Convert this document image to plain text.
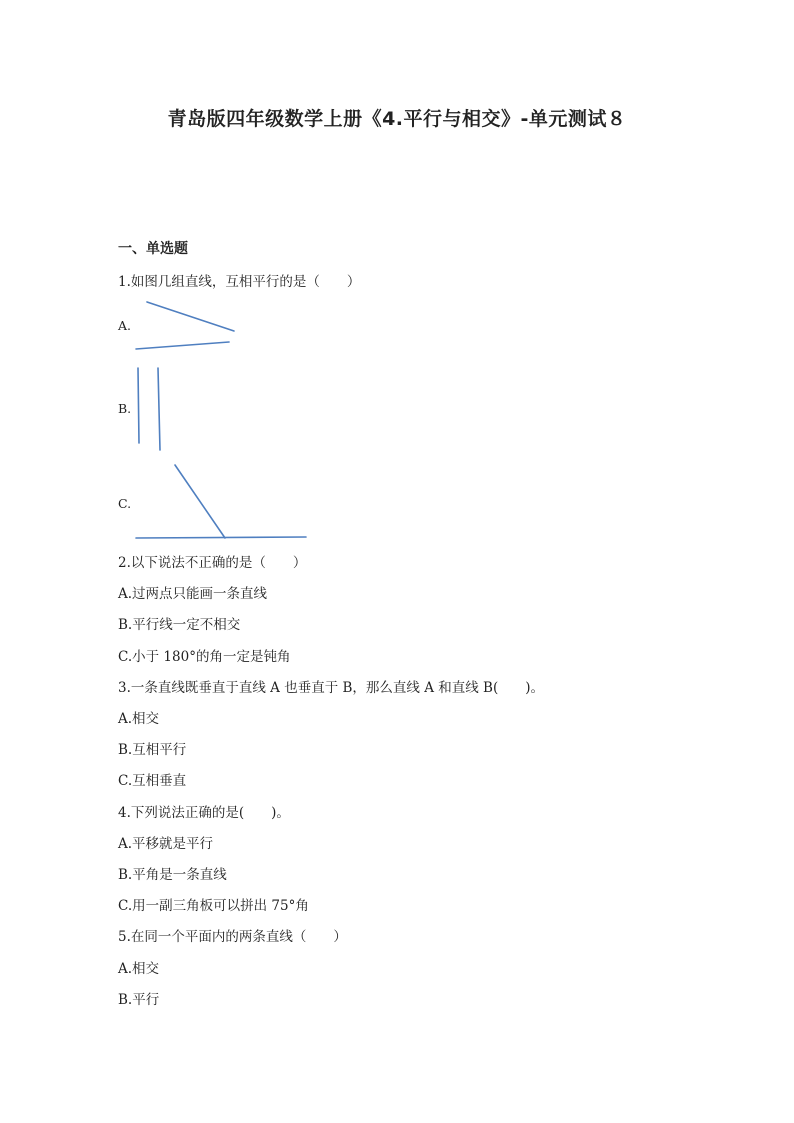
青岛版四年级数学上册《4.平行与相交》-单元测试８
一、单选题
1.如图几组直线，互相平行的是（　　）
A.
B.
C.
2.以下说法不正确的是（　　）
A.过两点只能画一条直线
B.平行线一定不相交
C.小于 180°的角一定是钝角
3.一条直线既垂直于直线 A 也垂直于 B，那么直线 A 和直线 B(　　)。
A.相交
B.互相平行
C.互相垂直
4.下列说法正确的是(　　)。
A.平移就是平行
B.平角是一条直线
C.用一副三角板可以拼出 75°角
5.在同一个平面内的两条直线（　　）
A.相交
B.平行
